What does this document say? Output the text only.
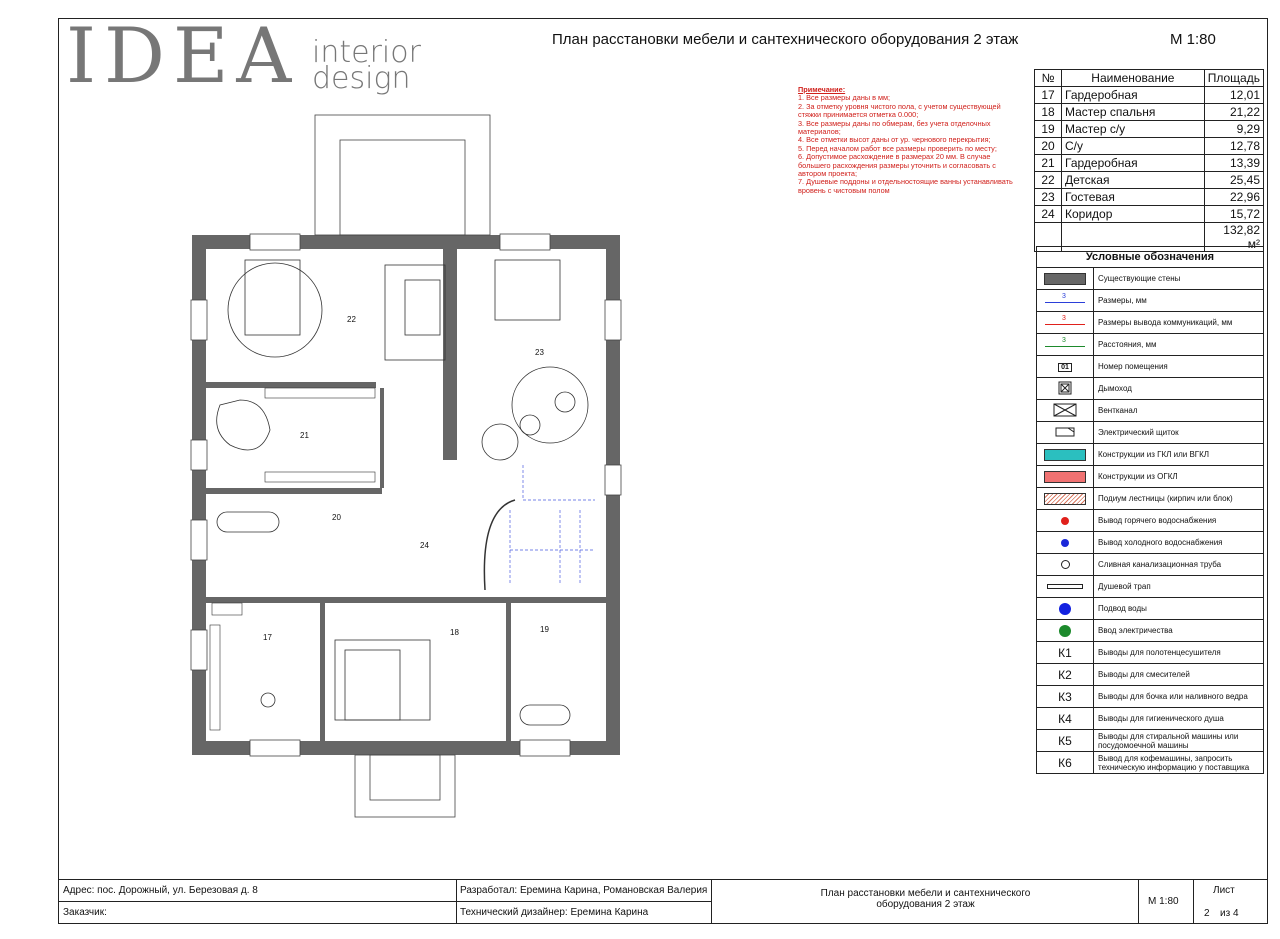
IDEA interior
design
План расстановки мебели и сантехнического оборудования 2 этаж	М 1:80
Примечание:
1. Все размеры даны в мм;
2. За отметку уровня чистого пола, с учетом существующей стяжки принимается отметка 0.000;
3. Все размеры даны по обмерам, без учета отделочных материалов;
4. Все отметки высот даны от ур. чернового перекрытия;
5. Перед началом работ все размеры проверить по месту;
6. Допустимое расхождение в размерах 20 мм. В случае большего расхождения размеры уточнить и согласовать с автором проекта;
7. Душевые поддоны и отдельностоящие ванны устанавливать вровень с чистовым полом
№	Наименование	Площадь
17	Гардеробная	12,01
18	Мастер спальня	21,22
19	Мастер с/у	9,29
20	С/у	12,78
21	Гардеробная	13,39
22	Детская	25,45
23	Гостевая	22,96
24	Коридор	15,72
		132,82 м²
Условные обозначения	
	Существующие стены

3	Размеры, мм

3	Размеры вывода коммуникаций, мм

3	Расстояния, мм
01	Номер помещения
	Дымоход
	Вентканал
	Электрический щиток
	Конструкции из ГКЛ или ВГКЛ
	Конструкции из ОГКЛ
	Подиум лестницы (кирпич или блок)
	Вывод горячего водоснабжения
	Вывод холодного водоснабжения
	Сливная канализационная труба
	Душевой трап
	Подвод воды
	Ввод электричества
К1	Выводы для полотенцесушителя
К2	Выводы для смесителей
К3	Выводы для бочка или наливного ведра
К4	Выводы для гигиенического душа
К5	Выводы для стиральной машины или посудомоечной машины
К6	Вывод для кофемашины, запросить техническую информацию у поставщика
22
23
21
20
24
17
18	19
Адрес: пос. Дорожный, ул. Березовая д. 8
Заказчик:
Разработал: Еремина Карина, Романовская Валерия
Технический дизайнер: Еремина Карина
План расстановки мебели и сантехнического оборудования 2 этаж	М 1:80
Лист
2 из 4
